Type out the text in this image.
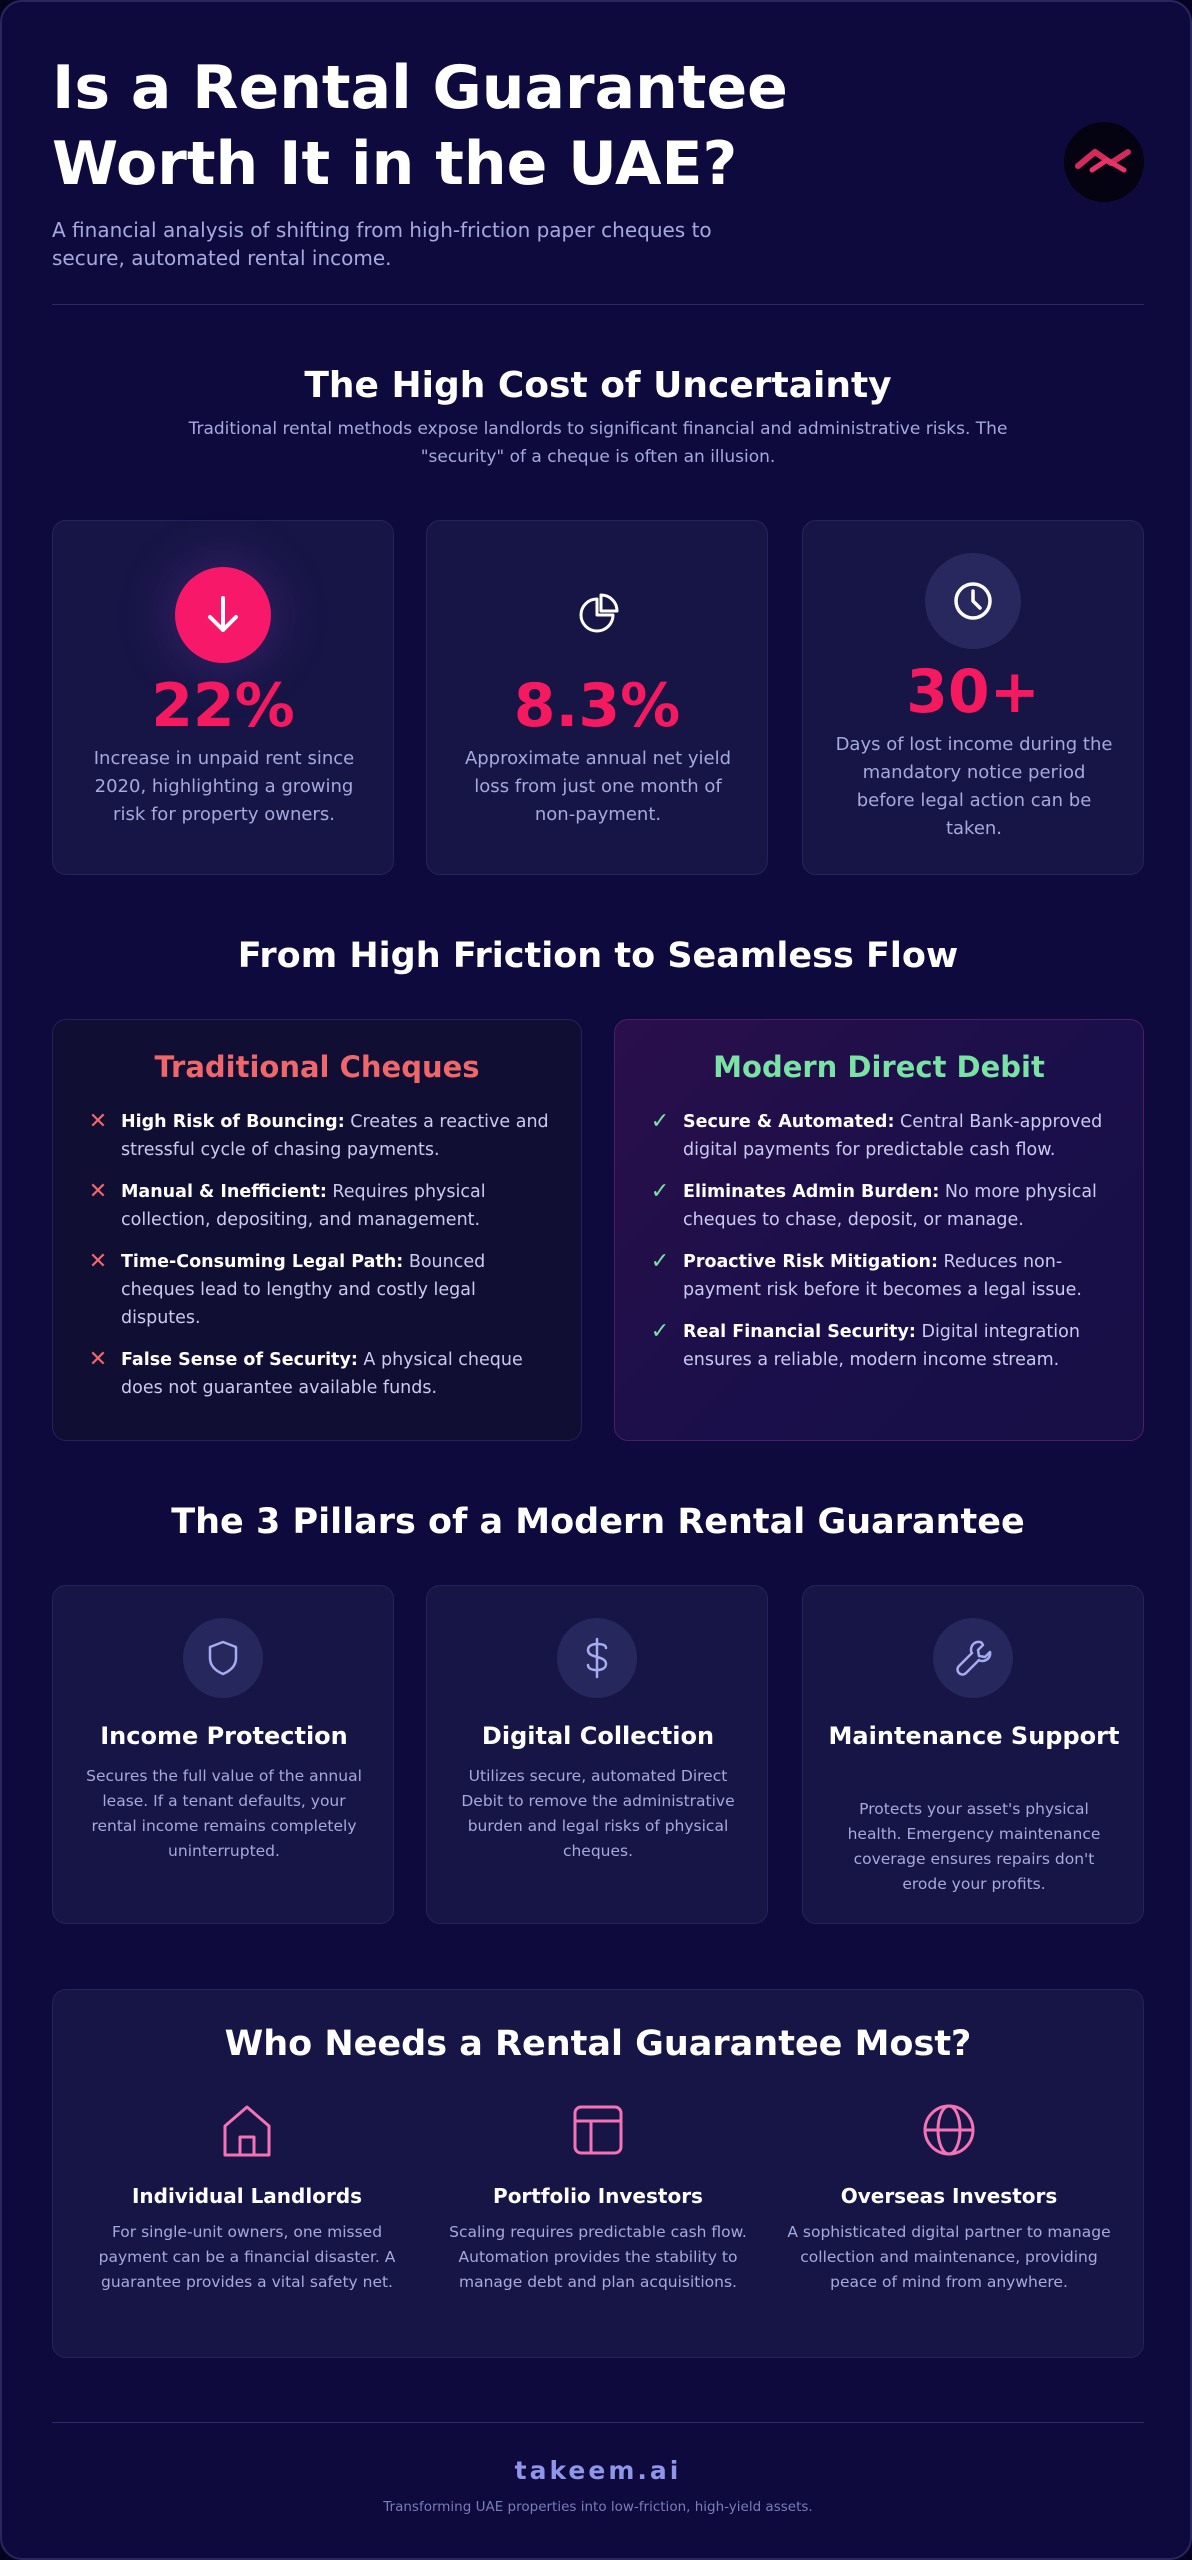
Is a Rental Guarantee
Worth It in the UAE?
A financial analysis of shifting from high-friction paper cheques to secure, automated rental income.
The High Cost of Uncertainty
Traditional rental methods expose landlords to significant financial and administrative risks. The "security" of a cheque is often an illusion.
22%
Increase in unpaid rent since 2020, highlighting a growing risk for property owners.
8.3%
Approximate annual net yield loss from just one month of non-payment.
30+
Days of lost income during the mandatory notice period before legal action can be taken.
From High Friction to Seamless Flow
Traditional Cheques
✕ High Risk of Bouncing: Creates a reactive and stressful cycle of chasing payments.
✕ Manual & Inefficient: Requires physical collection, depositing, and management.
✕ Time-Consuming Legal Path: Bounced cheques lead to lengthy and costly legal disputes.
✕ False Sense of Security: A physical cheque does not guarantee available funds.
Modern Direct Debit
✓ Secure & Automated: Central Bank-approved digital payments for predictable cash flow.
✓ Eliminates Admin Burden: No more physical cheques to chase, deposit, or manage.
✓ Proactive Risk Mitigation: Reduces non-payment risk before it becomes a legal issue.
✓ Real Financial Security: Digital integration ensures a reliable, modern income stream.
The 3 Pillars of a Modern Rental Guarantee
Income Protection
Secures the full value of the annual lease. If a tenant defaults, your rental income remains completely uninterrupted.
Digital Collection
Utilizes secure, automated Direct Debit to remove the administrative burden and legal risks of physical cheques.
Maintenance Support
Protects your asset's physical health. Emergency maintenance coverage ensures repairs don't erode your profits.
Who Needs a Rental Guarantee Most?
Individual Landlords
For single-unit owners, one missed payment can be a financial disaster. A guarantee provides a vital safety net.
Portfolio Investors
Scaling requires predictable cash flow. Automation provides the stability to manage debt and plan acquisitions.
Overseas Investors
A sophisticated digital partner to manage collection and maintenance, providing peace of mind from anywhere.
takeem.ai
Transforming UAE properties into low-friction, high-yield assets.
